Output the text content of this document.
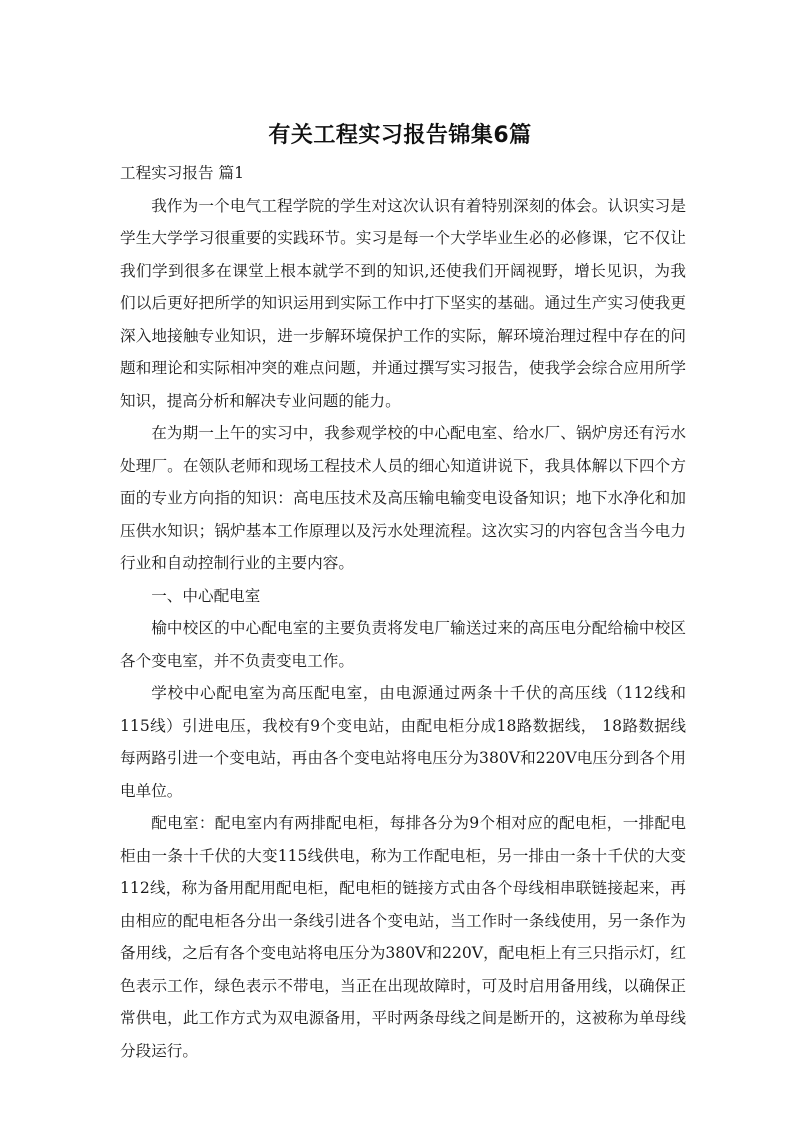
有关工程实习报告锦集6篇

工程实习报告 篇1

我作为一个电气工程学院的学生对这次认识有着特别深刻的体会。认识实习是学生大学学习很重要的实践环节。实习是每一个大学毕业生必的必修课，它不仅让我们学到很多在课堂上根本就学不到的知识,还使我们开阔视野，增长见识，为我们以后更好把所学的知识运用到实际工作中打下坚实的基础。通过生产实习使我更深入地接触专业知识，进一步解环境保护工作的实际，解环境治理过程中存在的问题和理论和实际相冲突的难点问题，并通过撰写实习报告，使我学会综合应用所学知识，提高分析和解决专业问题的能力。

在为期一上午的实习中，我参观学校的中心配电室、给水厂、锅炉房还有污水处理厂。在领队老师和现场工程技术人员的细心知道讲说下，我具体解以下四个方面的专业方向指的知识：高电压技术及高压输电输变电设备知识；地下水净化和加压供水知识；锅炉基本工作原理以及污水处理流程。这次实习的内容包含当今电力行业和自动控制行业的主要内容。

一、中心配电室

榆中校区的中心配电室的主要负责将发电厂输送过来的高压电分配给榆中校区各个变电室，并不负责变电工作。

学校中心配电室为高压配电室，由电源通过两条十千伏的高压线（112线和115线）引进电压，我校有9个变电站，由配电柜分成18路数据线， 18路数据线每两路引进一个变电站，再由各个变电站将电压分为380V和220V电压分到各个用电单位。

配电室：配电室内有两排配电柜，每排各分为9个相对应的配电柜，一排配电柜由一条十千伏的大变115线供电，称为工作配电柜，另一排由一条十千伏的大变112线，称为备用配用配电柜，配电柜的链接方式由各个母线相串联链接起来，再由相应的配电柜各分出一条线引进各个变电站，当工作时一条线使用，另一条作为备用线，之后有各个变电站将电压分为380V和220V，配电柜上有三只指示灯，红色表示工作，绿色表示不带电，当正在出现故障时，可及时启用备用线，以确保正常供电，此工作方式为双电源备用，平时两条母线之间是断开的，这被称为单母线分段运行。
